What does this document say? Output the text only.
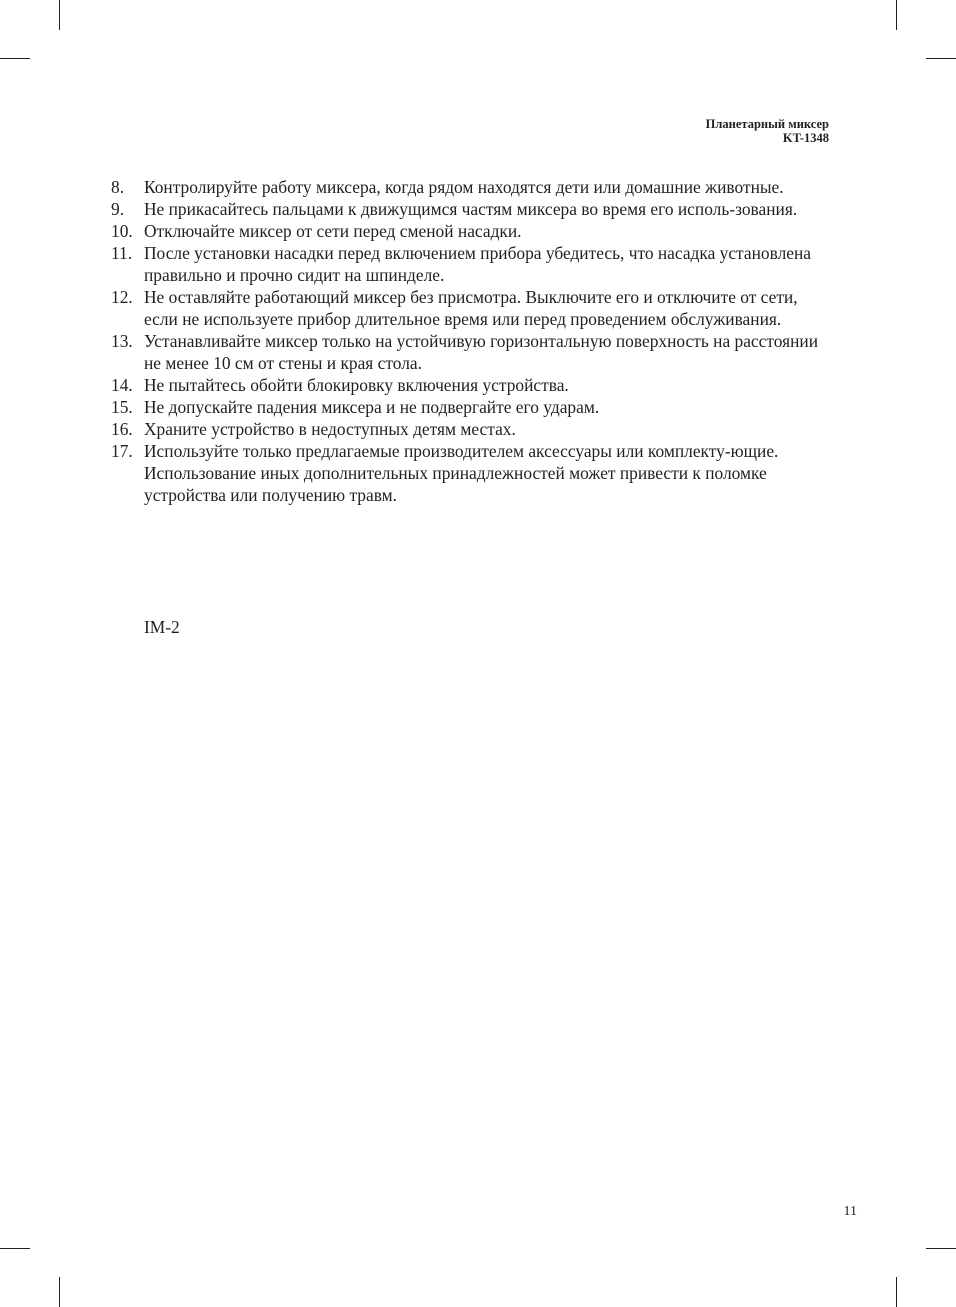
Планетарный миксер
KT-1348
8. Контролируйте работу миксера, когда рядом находятся дети или домашние животные.
9. Не прикасайтесь пальцами к движущимся частям миксера во время его исполь-зования.
10. Отключайте миксер от сети перед сменой насадки.
11. После установки насадки перед включением прибора убедитесь, что насадка установлена правильно и прочно сидит на шпинделе.
12. Не оставляйте работающий миксер без присмотра. Выключите его и отключите от сети, если не используете прибор длительное время или перед проведением обслуживания.
13. Устанавливайте миксер только на устойчивую горизонтальную поверхность на расстоянии не менее 10 см от стены и края стола.
14. Не пытайтесь обойти блокировку включения устройства.
15. Не допускайте падения миксера и не подвергайте его ударам.
16. Храните устройство в недоступных детям местах.
17. Используйте только предлагаемые производителем аксессуары или комплекту-ющие. Использование иных дополнительных принадлежностей может привести к поломке устройства или получению травм.
IM-2
11
